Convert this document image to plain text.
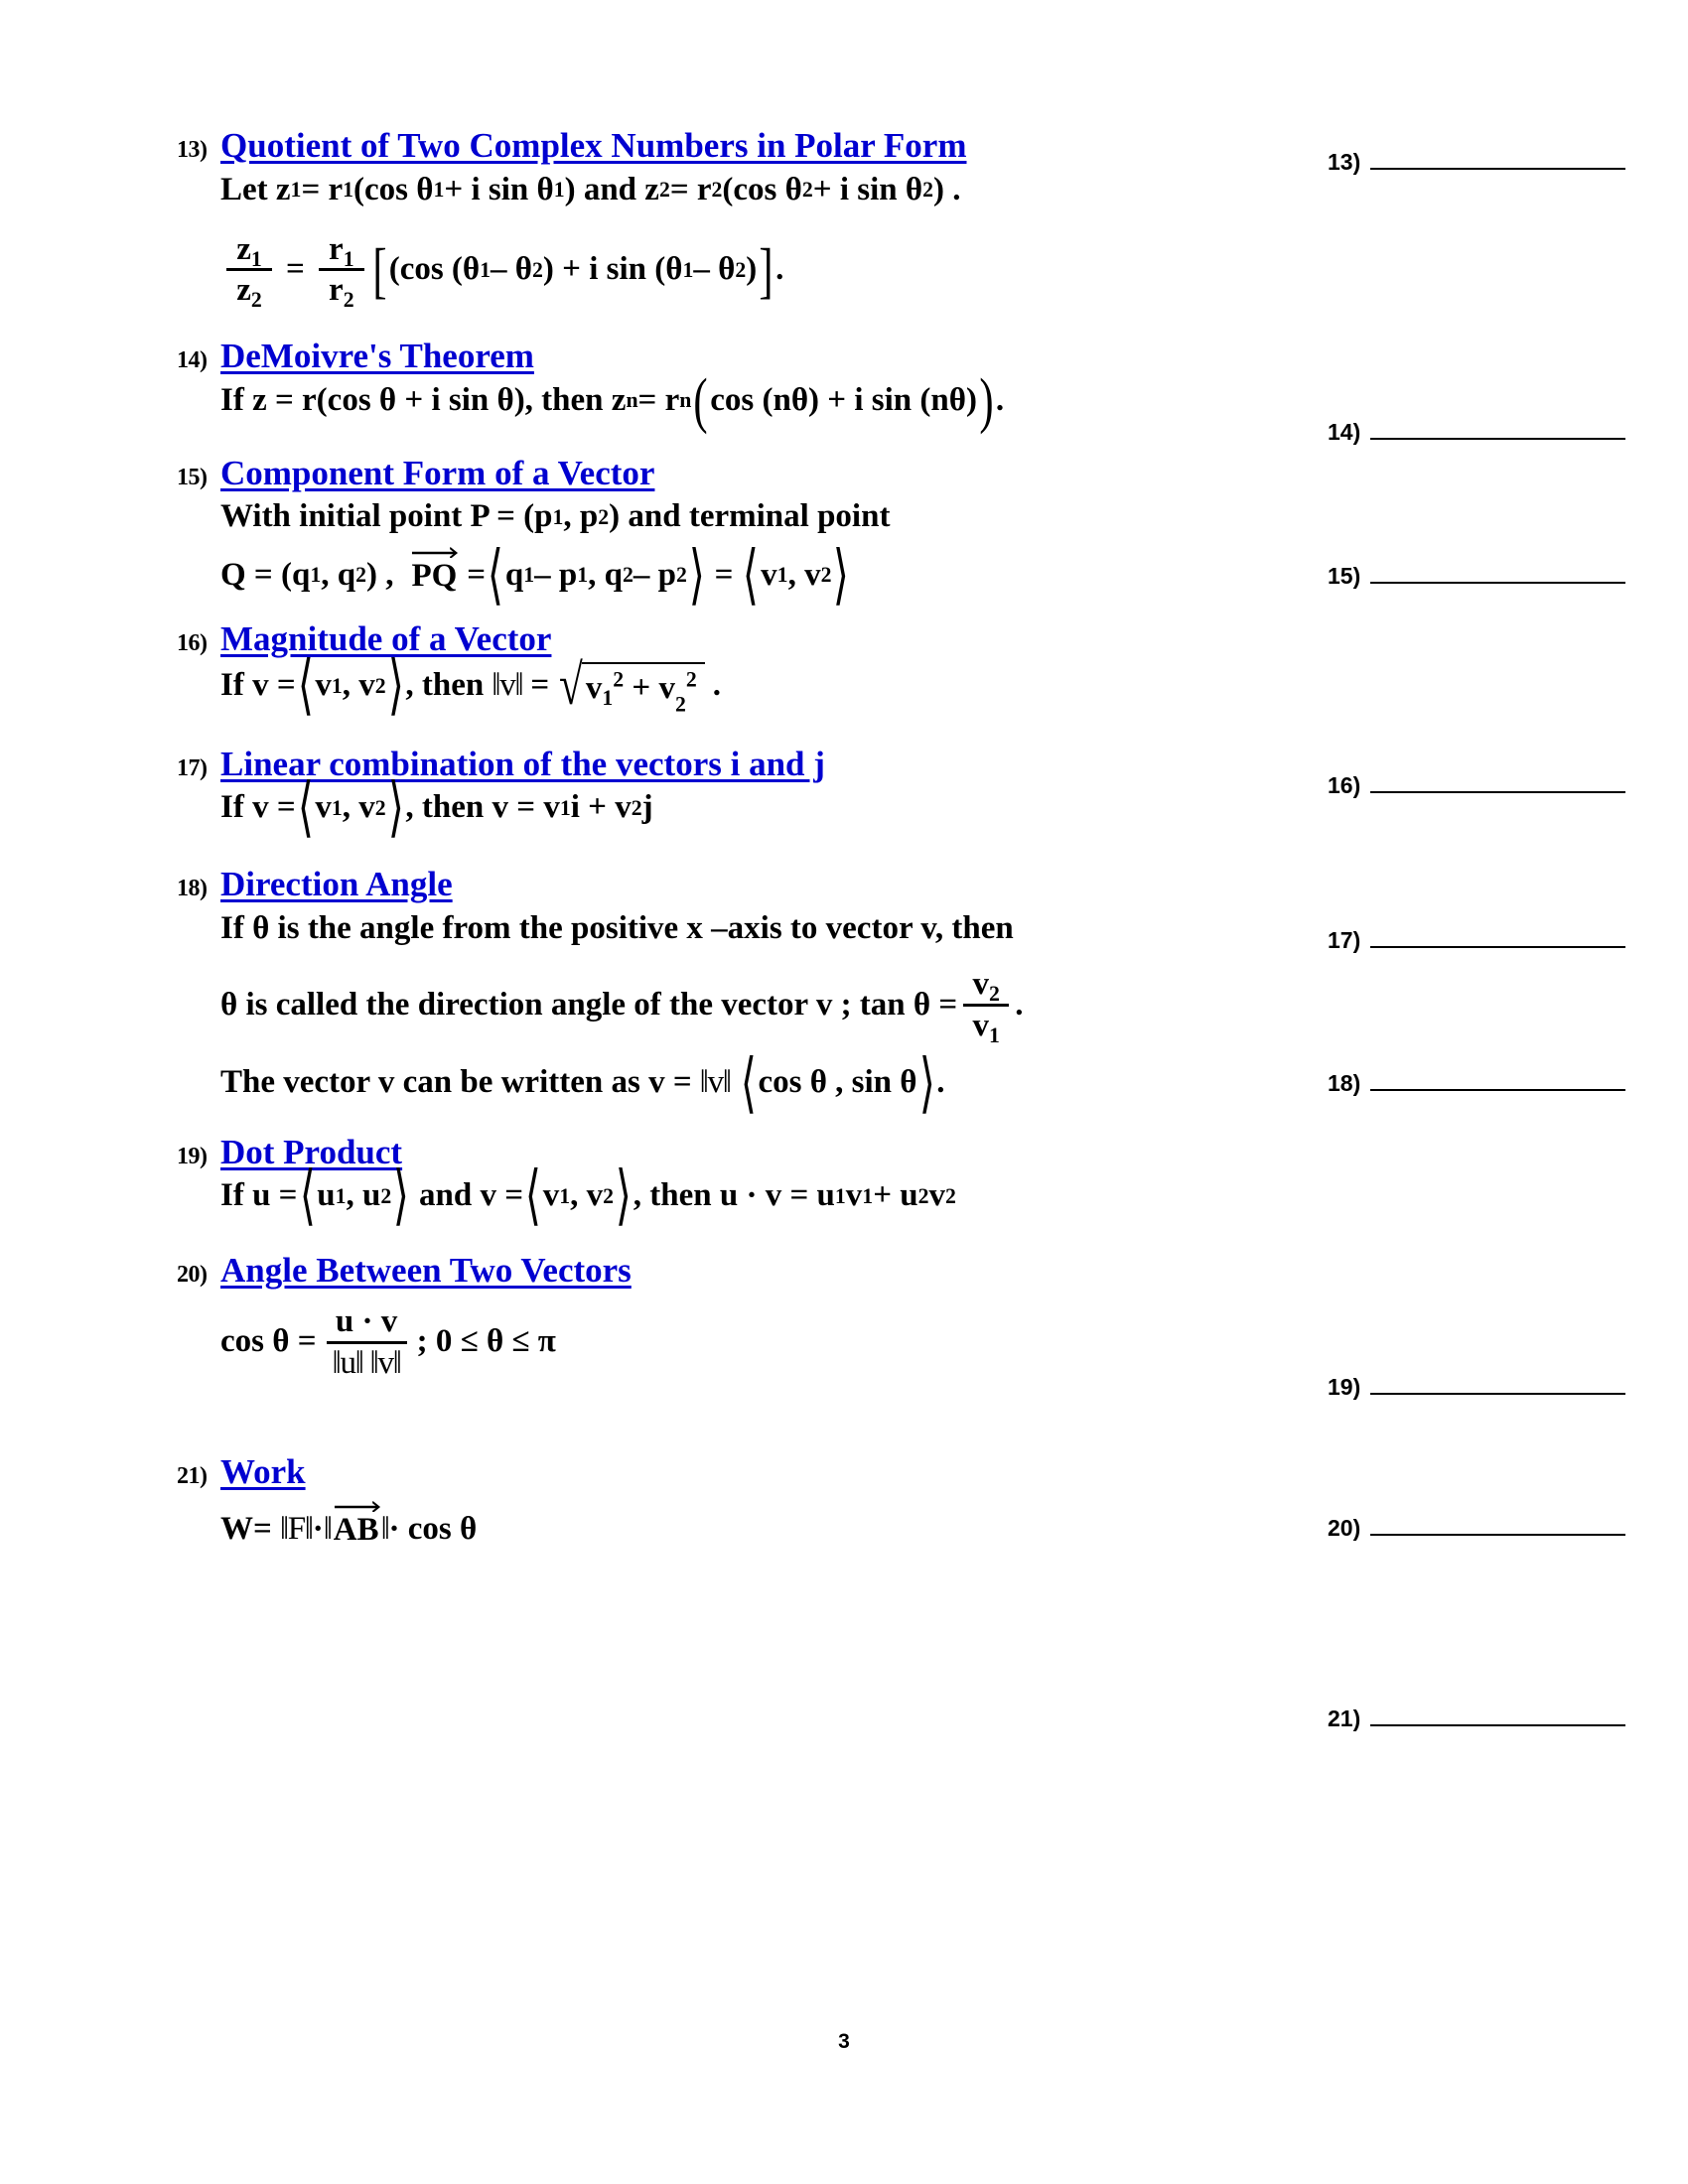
13) Quotient of Two Complex Numbers in Polar Form
Let z 1 = r 1 (cos θ 1 + i sin θ 1 ) and z 2 = r 2 (cos θ 2 + i sin θ 2 ) .
$\frac{z_1}{z_2} = \frac{r_1}{r_2}$ [ (cos (θ 1 – θ 2 ) + i sin (θ 1 – θ 2 ) ] .
14) DeMoivre's Theorem
If z = r(cos θ + i sin θ), then z n = r n ( cos (nθ) + i sin (nθ) ) .
15) Component Form of a Vector
With initial point P = (p 1 , p 2 ) and terminal point
Q = (q 1 , q 2 ) , PQ = ⟨ q 1 – p 1 , q 2 – p 2 ⟩ = ⟨ v 1 , v 2 ⟩
16) Magnitude of a Vector
If v = ⟨ v 1 , v 2 ⟩ , then ‖v‖ = √ $v_1^2 + v_2^2$ .
17) Linear combination of the vectors i and j
If v = ⟨ v 1 , v 2 ⟩ , then v = v 1 i + v 2 j
18) Direction Angle
If θ is the angle from the positive x –axis to vector v, then
θ is called the direction angle of the vector v ; $\tan \theta = \frac{v_2}{v_1}$ .
The vector v can be written as v = ‖v‖ ⟨ cos θ , sin θ ⟩ .
19) Dot Product
If u = ⟨ u 1 , u 2 ⟩ and v = ⟨ v 1 , v 2 ⟩ , then u · v = u 1 v 1 + u 2 v 2
20) Angle Between Two Vectors
$\cos \theta = \frac{u \cdot v}{‖u‖ ‖v‖}$ ; 0 ≤ θ ≤ π
21) Work
W= ‖F‖ · ‖ AB ‖ · cos θ
13)
14)
15)
16)
17)
18)
19)
20)
21)
3
